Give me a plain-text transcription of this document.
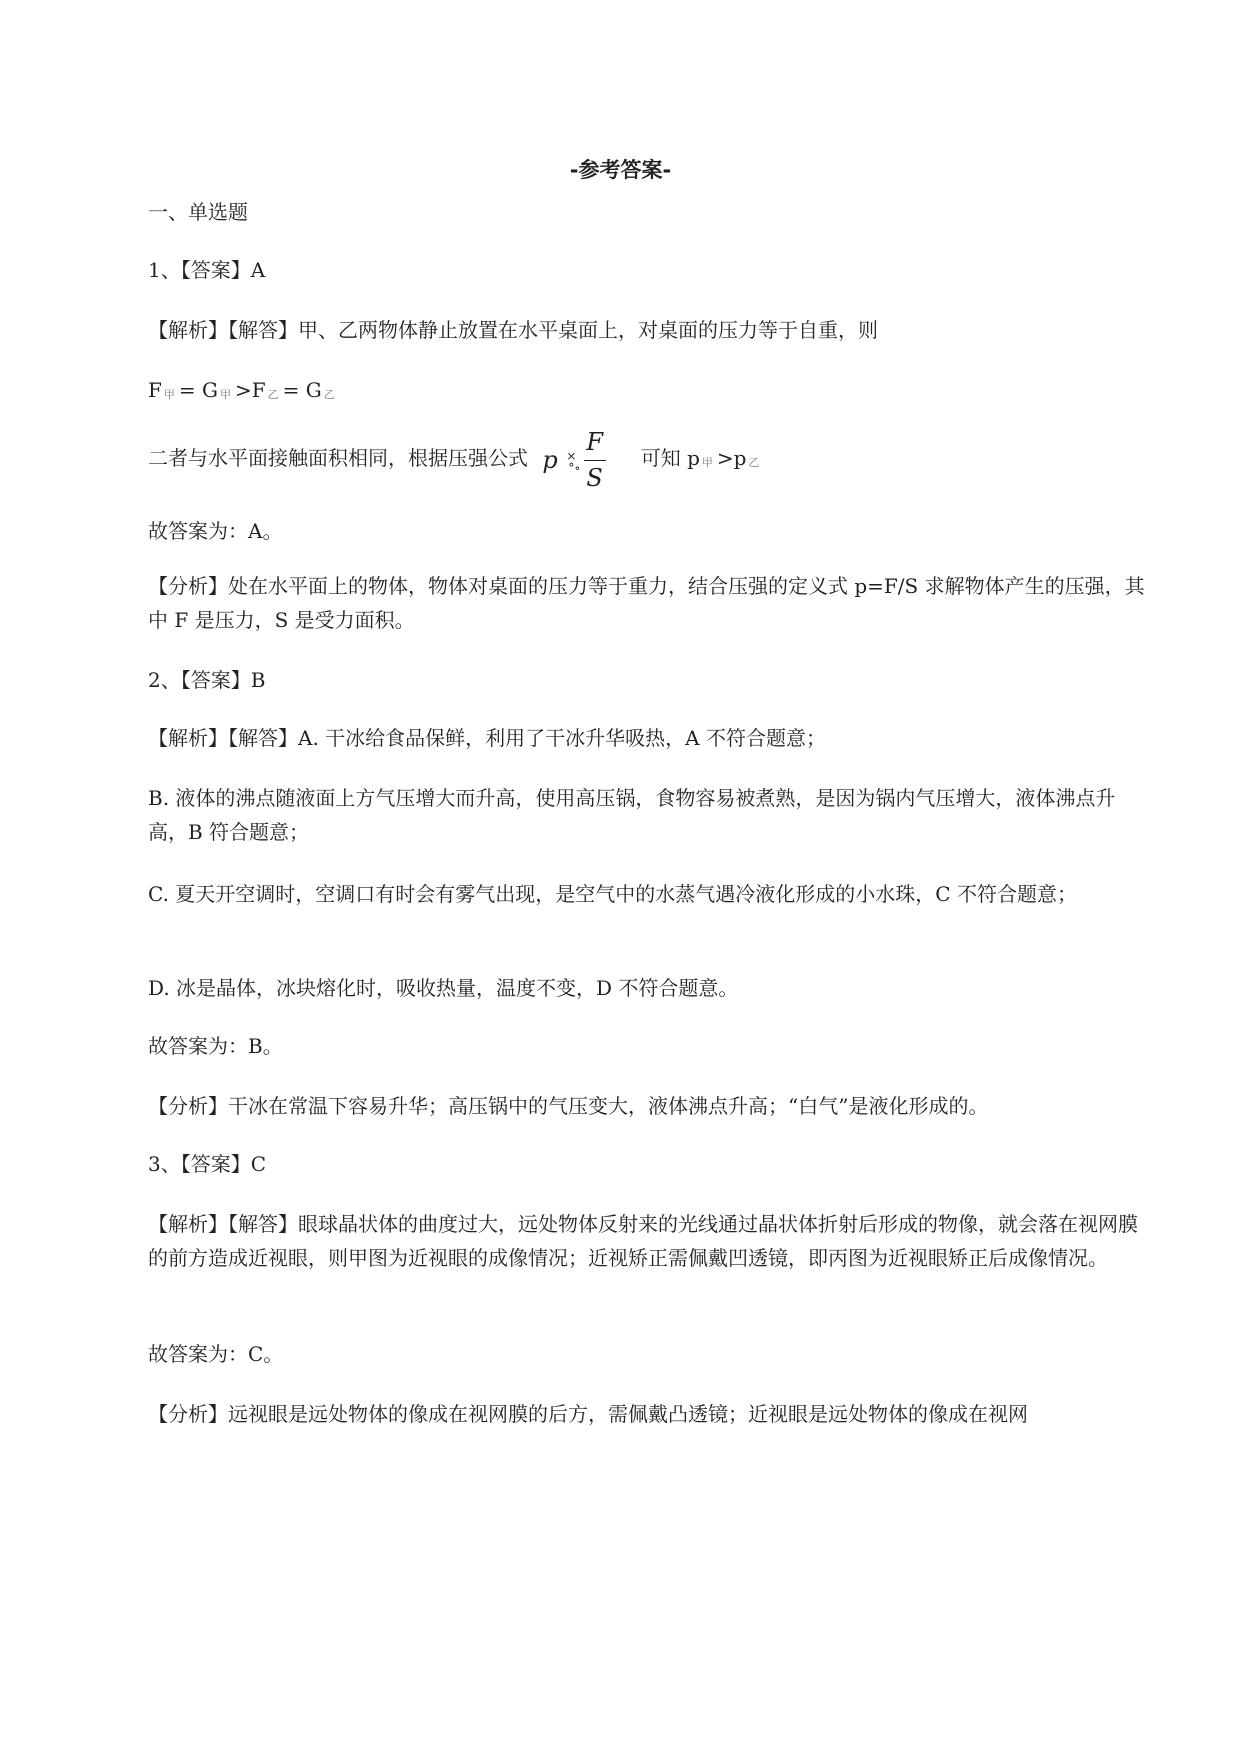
-参考答案-
一、单选题
1、【答案】A
【解析】【解答】甲、乙两物体静止放置在水平桌面上，对桌面的压力等于自重，则
F甲 = G 甲 >F 乙 = G 乙
二者与水平面接触面积相同，根据压强公式 p ×
°∘
F
S
可知 p 甲 >p 乙
故答案为：A。
【分析】处在水平面上的物体，物体对桌面的压力等于重力，结合压强的定义式 p=F/S 求解物体产生的压强，其中 F 是压力，S 是受力面积。
2、【答案】B
【解析】【解答】A. 干冰给食品保鲜，利用了干冰升华吸热，A 不符合题意；
B. 液体的沸点随液面上方气压增大而升高，使用高压锅，食物容易被煮熟，是因为锅内气压增大，液体沸点升高，B 符合题意；
C. 夏天开空调时，空调口有时会有雾气出现，是空气中的水蒸气遇冷液化形成的小水珠，C 不符合题意；
D. 冰是晶体，冰块熔化时，吸收热量，温度不变，D 不符合题意。
故答案为：B。
【分析】干冰在常温下容易升华；高压锅中的气压变大，液体沸点升高；“白气”是液化形成的。
3、【答案】C
【解析】【解答】眼球晶状体的曲度过大，远处物体反射来的光线通过晶状体折射后形成的物像，就会落在视网膜的前方造成近视眼，则甲图为近视眼的成像情况；近视矫正需佩戴凹透镜，即丙图为近视眼矫正后成像情况。
故答案为：C。
【分析】远视眼是远处物体的像成在视网膜的后方，需佩戴凸透镜；近视眼是远处物体的像成在视网
